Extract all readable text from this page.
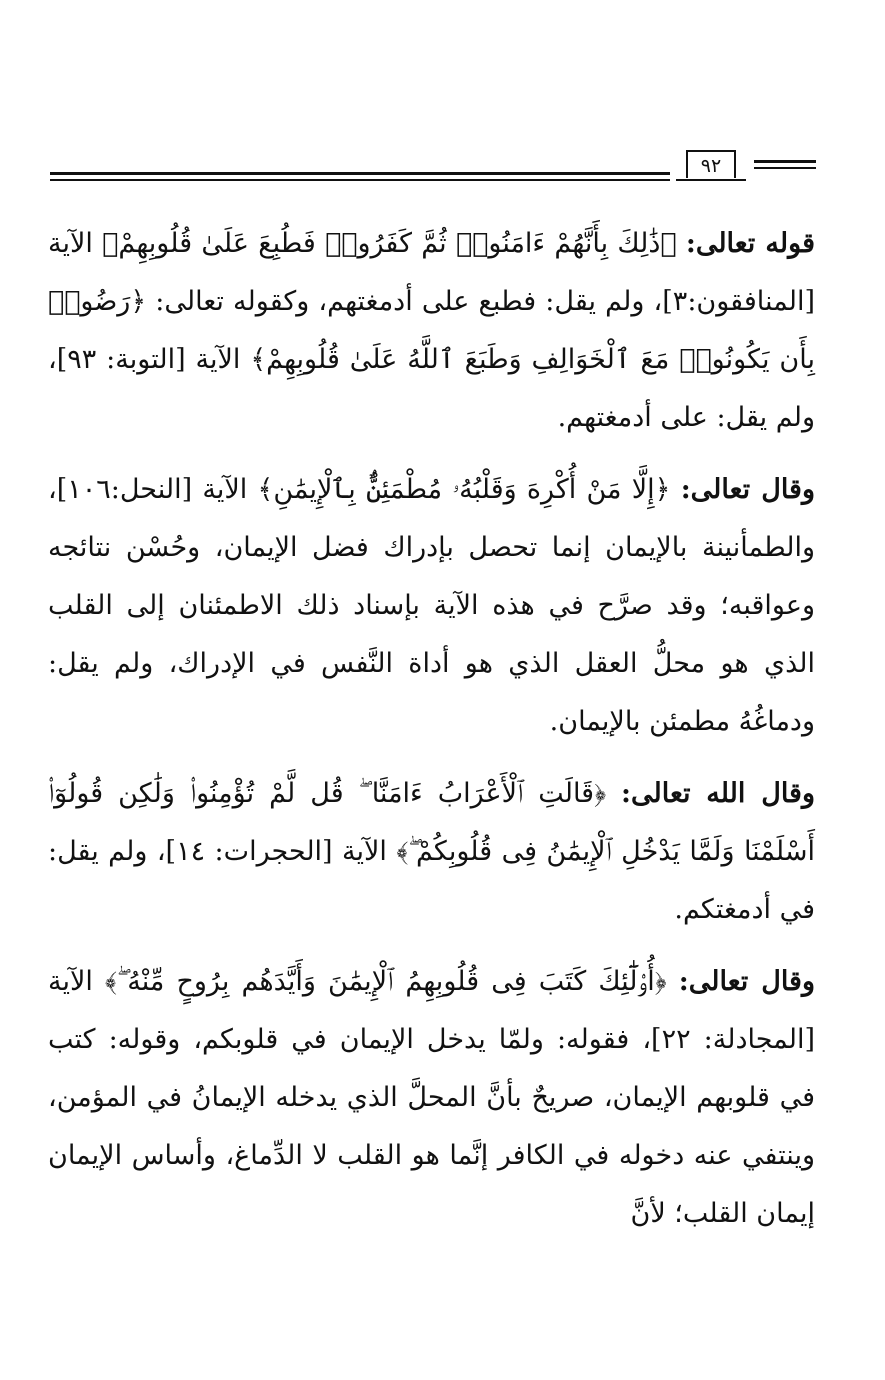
٩٢

قوله تعالى: ﴿ذَٰلِكَ بِأَنَّهُمْ ءَامَنُوا۟ ثُمَّ كَفَرُوا۟ فَطُبِعَ عَلَىٰ قُلُوبِهِمْ﴾ الآية [المنافقون:٣]، ولم يقل: فطبع على أدمغتهم، وكقوله تعالى: ﴿رَضُوا۟ بِأَن يَكُونُوا۟ مَعَ ٱلْخَوَالِفِ وَطَبَعَ ٱللَّهُ عَلَىٰ قُلُوبِهِمْ﴾ الآية [التوبة: ٩٣]، ولم يقل: على أدمغتهم.

وقال تعالى: ﴿إِلَّا مَنْ أُكْرِهَ وَقَلْبُهُۥ مُطْمَئِنٌّۢ بِٱلْإِيمَٰنِ﴾ الآية [النحل:١٠٦]، والطمأنينة بالإيمان إنما تحصل بإدراك فضل الإيمان، وحُسْن نتائجه وعواقبه؛ وقد صرَّح في هذه الآية بإسناد ذلك الاطمئنان إلى القلب الذي هو محلُّ العقل الذي هو أداة النَّفس في الإدراك، ولم يقل: ودماغُهُ مطمئن بالإيمان.

وقال الله تعالى: ﴿قَالَتِ ٱلْأَعْرَابُ ءَامَنَّا ۖ قُل لَّمْ تُؤْمِنُوا۟ وَلَٰكِن قُولُوٓا۟ أَسْلَمْنَا وَلَمَّا يَدْخُلِ ٱلْإِيمَٰنُ فِى قُلُوبِكُمْ ۖ﴾ الآية [الحجرات: ١٤]، ولم يقل: في أدمغتكم.

وقال تعالى: ﴿أُو۟لَٰٓئِكَ كَتَبَ فِى قُلُوبِهِمُ ٱلْإِيمَٰنَ وَأَيَّدَهُم بِرُوحٍ مِّنْهُ ۖ﴾ الآية [المجادلة: ٢٢]، فقوله: ولمّا يدخل الإيمان في قلوبكم، وقوله: كتب في قلوبهم الإيمان، صريحٌ بأنَّ المحلَّ الذي يدخله الإيمانُ في المؤمن، وينتفي عنه دخوله في الكافر إنَّما هو القلب لا الدِّماغ، وأساس الإيمان إيمان القلب؛ لأنَّ
